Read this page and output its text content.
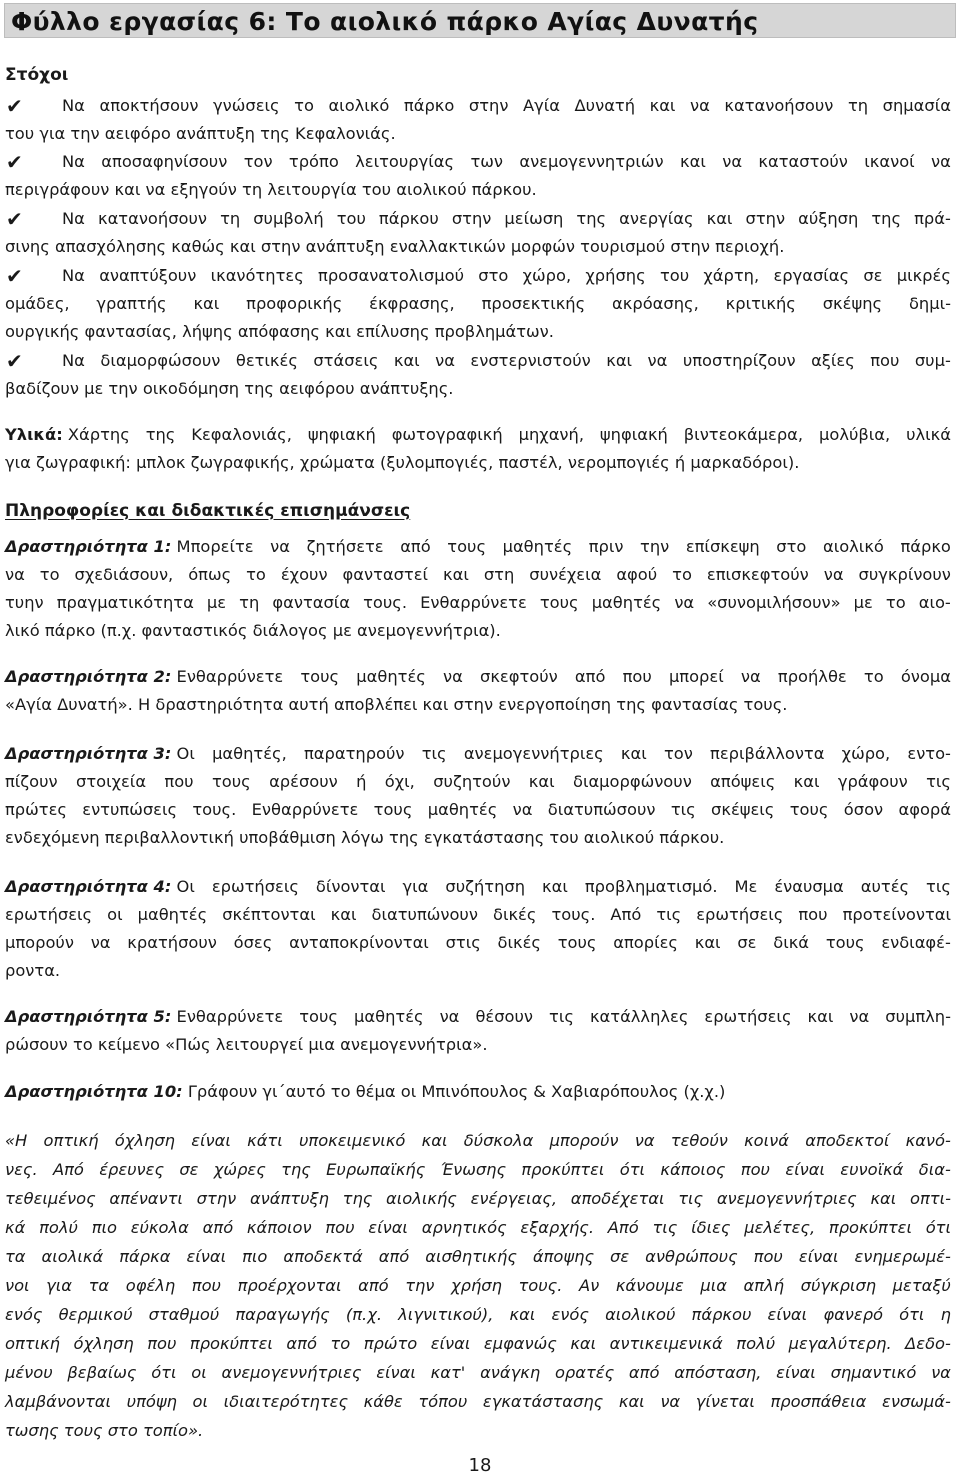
Φύλλο εργασίας 6: Το αιολικό πάρκο Αγίας Δυνατής
Στόχοι
✔ Να αποκτήσουν γνώσεις το αιολικό πάρκο στην Αγία Δυνατή και να κατανοήσουν τη σημασία
του για την αειφόρο ανάπτυξη της Κεφαλονιάς.
✔ Να αποσαφηνίσουν τον τρόπο λειτουργίας των ανεμογεννητριών και να καταστούν ικανοί να
περιγράφουν και να εξηγούν τη λειτουργία του αιολικού πάρκου.
✔ Να κατανοήσουν τη συμβολή του πάρκου στην μείωση της ανεργίας και στην αύξηση της πρά-
σινης απασχόλησης καθώς και στην ανάπτυξη εναλλακτικών μορφών τουρισμού στην περιοχή.
✔ Να αναπτύξουν ικανότητες προσανατολισμού στο χώρο, χρήσης του χάρτη, εργασίας σε μικρές
ομάδες, γραπτής και προφορικής έκφρασης, προσεκτικής ακρόασης, κριτικής σκέψης δημι-
ουργικής φαντασίας, λήψης απόφασης και επίλυσης προβλημάτων.
✔ Να διαμορφώσουν θετικές στάσεις και να ενστερνιστούν και να υποστηρίζουν αξίες που συμ-
βαδίζουν με την οικοδόμηση της αειφόρου ανάπτυξης.
Υλικά: Χάρτης της Κεφαλονιάς, ψηφιακή φωτογραφική μηχανή, ψηφιακή βιντεοκάμερα, μολύβια, υλικά
για ζωγραφική: μπλοκ ζωγραφικής, χρώματα (ξυλομπογιές, παστέλ, νερομπογιές ή μαρκαδόροι).
Πληροφορίες και διδακτικές επισημάνσεις
Δραστηριότητα 1: Μπορείτε να ζητήσετε από τους μαθητές πριν την επίσκεψη στο αιολικό πάρκο
να το σχεδιάσουν, όπως το έχουν φανταστεί και στη συνέχεια αφού το επισκεφτούν να συγκρίνουν
τυην πραγματικότητα με τη φαντασία τους. Ενθαρρύνετε τους μαθητές να «συνομιλήσουν» με το αιο-
λικό πάρκο (π.χ. φανταστικός διάλογος με ανεμογεννήτρια).
Δραστηριότητα 2: Ενθαρρύνετε τους μαθητές να σκεφτούν από που μπορεί να προήλθε το όνομα
«Αγία Δυνατή». Η δραστηριότητα αυτή αποβλέπει και στην ενεργοποίηση της φαντασίας τους.
Δραστηριότητα 3: Οι μαθητές, παρατηρούν τις ανεμογεννήτριες και τον περιβάλλοντα χώρο, εντο-
πίζουν στοιχεία που τους αρέσουν ή όχι, συζητούν και διαμορφώνουν απόψεις και γράφουν τις
πρώτες εντυπώσεις τους. Ενθαρρύνετε τους μαθητές να διατυπώσουν τις σκέψεις τους όσον αφορά
ενδεχόμενη περιβαλλοντική υποβάθμιση λόγω της εγκατάστασης του αιολικού πάρκου.
Δραστηριότητα 4: Οι ερωτήσεις δίνονται για συζήτηση και προβληματισμό. Με έναυσμα αυτές τις
ερωτήσεις οι μαθητές σκέπτονται και διατυπώνουν δικές τους. Από τις ερωτήσεις που προτείνονται
μπορούν να κρατήσουν όσες ανταποκρίνονται στις δικές τους απορίες και σε δικά τους ενδιαφέ-
ροντα.
Δραστηριότητα 5: Ενθαρρύνετε τους μαθητές να θέσουν τις κατάλληλες ερωτήσεις και να συμπλη-
ρώσουν το κείμενο «Πώς λειτουργεί μια ανεμογεννήτρια».
Δραστηριότητα 10: Γράφουν γι΄αυτό το θέμα οι Μπινόπουλος & Χαβιαρόπουλος (χ.χ.)
«Η οπτική όχληση είναι κάτι υποκειμενικό και δύσκολα μπορούν να τεθούν κοινά αποδεκτοί κανό-
νες. Από έρευνες σε χώρες της Ευρωπαϊκής Ένωσης προκύπτει ότι κάποιος που είναι ευνοϊκά δια-
τεθειμένος απέναντι στην ανάπτυξη της αιολικής ενέργειας, αποδέχεται τις ανεμογεννήτριες και οπτι-
κά πολύ πιο εύκολα από κάποιον που είναι αρνητικός εξαρχής. Από τις ίδιες μελέτες, προκύπτει ότι
τα αιολικά πάρκα είναι πιο αποδεκτά από αισθητικής άποψης σε ανθρώπους που είναι ενημερωμέ-
νοι για τα οφέλη που προέρχονται από την χρήση τους. Αν κάνουμε μια απλή σύγκριση μεταξύ
ενός θερμικού σταθμού παραγωγής (π.χ. λιγνιτικού), και ενός αιολικού πάρκου είναι φανερό ότι η
οπτική όχληση που προκύπτει από το πρώτο είναι εμφανώς και αντικειμενικά πολύ μεγαλύτερη. Δεδο-
μένου βεβαίως ότι οι ανεμογεννήτριες είναι κατ' ανάγκη ορατές από απόσταση, είναι σημαντικό να
λαμβάνονται υπόψη οι ιδιαιτερότητες κάθε τόπου εγκατάστασης και να γίνεται προσπάθεια ενσωμά-
τωσης τους στο τοπίο».
18
